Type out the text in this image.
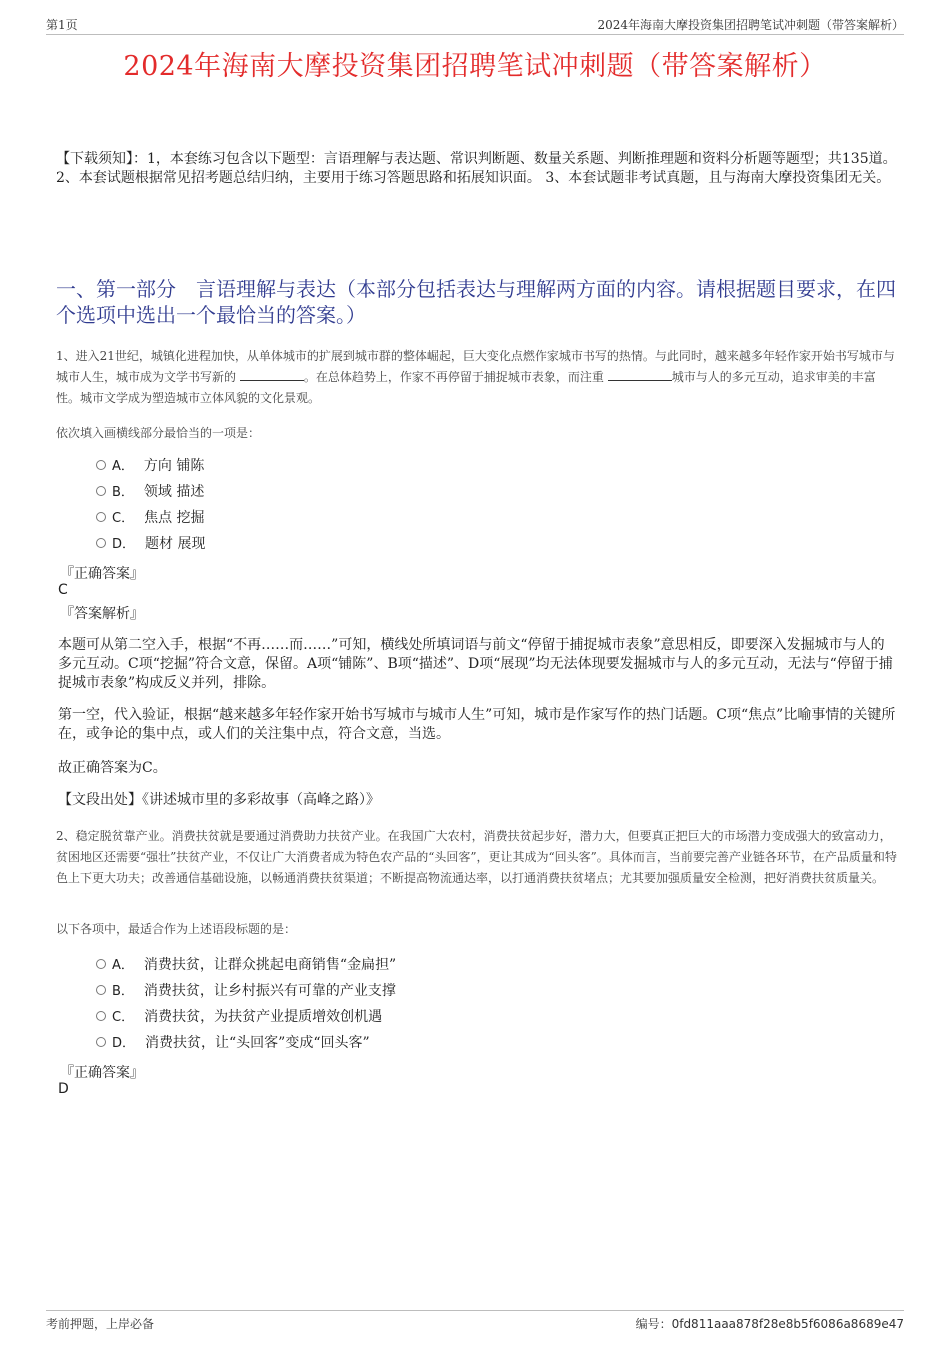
第1页	2024年海南大摩投资集团招聘笔试冲刺题（带答案解析）
2024年海南大摩投资集团招聘笔试冲刺题（带答案解析）
【下载须知】：1，本套练习包含以下题型：言语理解与表达题、常识判断题、数量关系题、判断推理题和资料分析题等题型；共135道。 2、本套试题根据常见招考题总结归纳，主要用于练习答题思路和拓展知识面。 3、本套试题非考试真题，且与海南大摩投资集团无关。
一、第一部分　言语理解与表达（本部分包括表达与理解两方面的内容。请根据题目要求，在四个选项中选出一个最恰当的答案。）
1、进入21世纪，城镇化进程加快，从单体城市的扩展到城市群的整体崛起，巨大变化点燃作家城市书写的热情。与此同时，越来越多年轻作家开始书写城市与城市人生，城市成为文学书写新的	。在总体趋势上，作家不再停留于捕捉城市表象，而注重	城市与人的多元互动，追求审美的丰富性。城市文学成为塑造城市立体风貌的文化景观。
依次填入画横线部分最恰当的一项是：
A． 方向 铺陈
B． 领域 描述
C． 焦点 挖掘
D． 题材 展现
『正确答案』
C
『答案解析』
本题可从第二空入手，根据“不再……而……”可知，横线处所填词语与前文“停留于捕捉城市表象”意思相反，即要深入发掘城市与人的多元互动。C项“挖掘”符合文意，保留。A项“铺陈”、B项“描述”、D项“展现”均无法体现要发掘城市与人的多元互动，无法与“停留于捕捉城市表象”构成反义并列，排除。
第一空，代入验证，根据“越来越多年轻作家开始书写城市与城市人生”可知，城市是作家写作的热门话题。C项“焦点”比喻事情的关键所在，或争论的集中点，或人们的关注集中点，符合文意，当选。
故正确答案为C。
【文段出处】《讲述城市里的多彩故事（高峰之路）》
2、稳定脱贫靠产业。消费扶贫就是要通过消费助力扶贫产业。在我国广大农村，消费扶贫起步好，潜力大，但要真正把巨大的市场潜力变成强大的致富动力，贫困地区还需要“强壮”扶贫产业，不仅让广大消费者成为特色农产品的“头回客”，更让其成为“回头客”。具体而言，当前要完善产业链各环节，在产品质量和特色上下更大功夫；改善通信基础设施，以畅通消费扶贫渠道；不断提高物流通达率，以打通消费扶贫堵点；尤其要加强质量安全检测，把好消费扶贫质量关。
以下各项中，最适合作为上述语段标题的是：
A． 消费扶贫，让群众挑起电商销售“金扁担”
B． 消费扶贫，让乡村振兴有可靠的产业支撑
C． 消费扶贫，为扶贫产业提质增效创机遇
D． 消费扶贫，让“头回客”变成“回头客”
『正确答案』
D
考前押题，上岸必备	编号：0fd811aaa878f28e8b5f6086a8689e47
